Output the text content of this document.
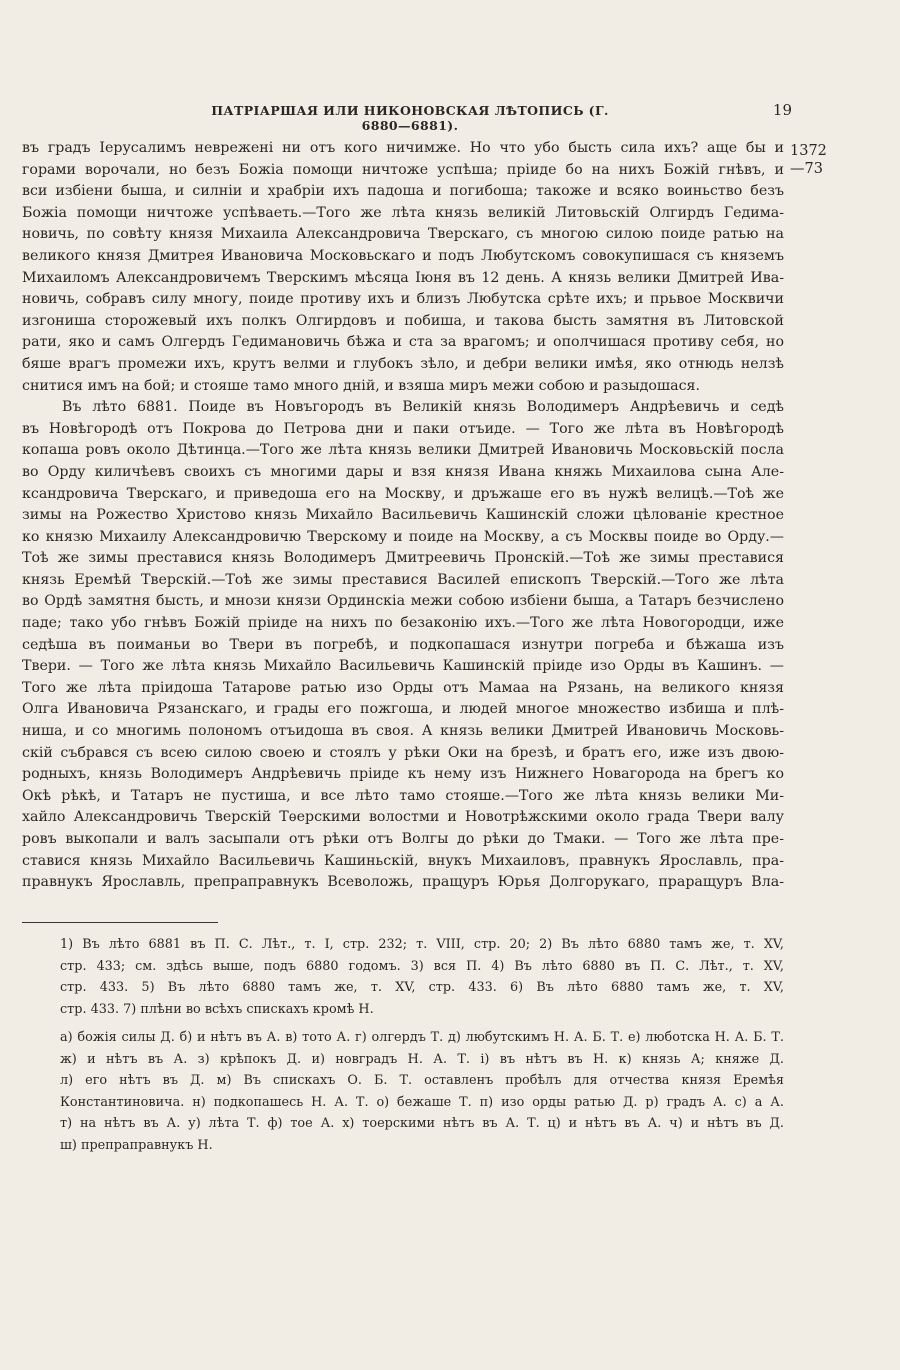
ПАТРІАРШАЯ ИЛИ НИКОНОВСКАЯ ЛѢТОПИСЬ (Г. 6880—6881).
19
1372
—73

въ градъ Іерусалимъ невреженi ни отъ кого ничимже. Но что убо бысть сила ихъ? аще бы и

горами ворочали, но безъ Божiа помощи ничтоже успѣша; прiиде бо на нихъ Божiй гнѣвъ, и

вси избiени быша, и силнiи и храбрiи ихъ падоша и погибоша; такоже и всяко воиньство безъ

Божiа помощи ничтоже успѣваеть.—Того же лѣта князь великiй Литовьскiй Олгирдъ Гедима-

новичь, по совѣту князя Михаила Александровича Тверскаго, съ многою силою поиде ратью на

великого князя Дмитрея Ивановича Московьскаго и подъ Любутскомъ совокупишася съ княземъ

Михаиломъ Александровичемъ Тверскимъ мѣсяца Iюня въ 12 день. А князь велики Дмитрей Ива-

новичь, собравъ силу многу, поиде противу ихъ и близъ Любутска срѣте ихъ; и прьвое Москвичи

изгониша сторожевый ихъ полкъ Олгирдовъ и побиша, и такова бысть замятня въ Литовской

рати, яко и самъ Олгердъ Гедимановичь бѣжа и ста за врагомъ; и ополчишася противу себя, но

бяше врагъ промежи ихъ, крутъ велми и глубокъ зѣло, и дебри велики имѣя, яко отнюдь нелзѣ

снитися имъ на бой; и стояше тамо много днiй, и взяша миръ межи собою и разыдошася.

Въ лѣто 6881. Поиде въ Новъгородъ въ Великiй князь Володимеръ Андрѣевичь и седѣ

въ Новѣгородѣ отъ Покрова до Петрова дни и паки отъиде. — Того же лѣта въ Новѣгородѣ

копаша ровъ около Дѣтинца.—Того же лѣта князь велики Дмитрей Ивановичь Московьскiй посла

во Орду киличѣевъ своихъ съ многими дары и взя князя Ивана княжь Михаилова сына Але-

ксандровича Тверскаго, и приведоша его на Москву, и дръжаше его въ нужѣ велицѣ.—Тоѣ же

зимы на Рожество Христово князь Михайло Васильевичь Кашинскiй сложи цѣлованiе крестное

ко князю Михаилу Александровичю Тверскому и поиде на Москву, а съ Москвы поиде во Орду.—

Тоѣ же зимы преставися князь Володимеръ Дмитреевичь Пронскiй.—Тоѣ же зимы преставися

князь Еремѣй Тверскiй.—Тоѣ же зимы преставися Василей епископъ Тверскiй.—Того же лѣта

во Ордѣ замятня бысть, и мнози князи Ординскiа межи собою избiени быша, а Татаръ безчислено

паде; тако убо гнѣвъ Божiй прiиде на нихъ по безаконiю ихъ.—Того же лѣта Новогородци, иже

седѣша въ поиманьи во Твери въ погребѣ, и подкопашася изнутри погреба и бѣжаша изъ

Твери. — Того же лѣта князь Михайло Васильевичь Кашинскiй прiиде изо Орды въ Кашинъ. —

Того же лѣта прiидоша Татарове ратью изо Орды отъ Мамаа на Рязань, на великого князя

Олга Ивановича Рязанскаго, и грады его пожгоша, и людей многое множество избиша и плѣ-

ниша, и со многимь полономъ отъидоша въ своя. А князь велики Дмитрей Ивановичь Московь-

скiй събрався съ всею силою своею и стоялъ у рѣки Оки на брезѣ, и братъ его, иже изъ двою-

родныхъ, князь Володимеръ Андрѣевичь прiиде къ нему изъ Нижнего Новагорода на брегъ ко

Окѣ рѣкѣ, и Татаръ не пустиша, и все лѣто тамо стояше.—Того же лѣта князь велики Ми-

хайло Александровичь Тверскiй Тѳерскими волостми и Новотрѣжскими около града Твери валу

ровъ выкопали и валъ засыпали отъ рѣки отъ Волгы до рѣки до Тмаки. — Того же лѣта пре-

ставися князь Михайло Васильевичь Кашиньскiй, внукъ Михаиловъ, правнукъ Ярославль, пра-

правнукъ Ярославль, препраправнукъ Всеволожь, пращуръ Юрья Долгорукаго, праращуръ Вла-

1) Въ лѣто 6881 въ П. С. Лѣт., т. I, стр. 232; т. VIII, стр. 20; 2) Въ лѣто 6880 тамъ же, т. XV,

стр. 433; см. здѣсь выше, подъ 6880 годомъ. 3) вся П. 4) Въ лѣто 6880 въ П. С. Лѣт., т. XV,

стр. 433. 5) Въ лѣто 6880 тамъ же, т. XV, стр. 433. 6) Въ лѣто 6880 тамъ же, т. XV,

стр. 433. 7) плѣни во всѣхъ спискахъ кромѣ Н.

а) божiя силы Д. б) и нѣтъ въ А. в) тото А. г) олгердъ Т. д) любутскимъ Н. А. Б. Т. е) люботска Н. А. Б. Т.

ж) и нѣтъ въ А. з) крѣпокъ Д. и) новградъ Н. А. Т. і) въ нѣтъ въ Н. к) князь А; княже Д.

л) его нѣтъ въ Д. м) Въ спискахъ О. Б. Т. оставленъ пробѣлъ для отчества князя Еремѣя

Константиновича. н) подкопашесь Н. А. Т. о) бежаше Т. п) изо орды ратью Д. р) градъ А. с) а А.

т) на нѣтъ въ А. у) лѣта Т. ф) тое А. х) тоерскими нѣтъ въ А. Т. ц) и нѣтъ въ А. ч) и нѣтъ въ Д.

ш) препраправнукъ Н.
